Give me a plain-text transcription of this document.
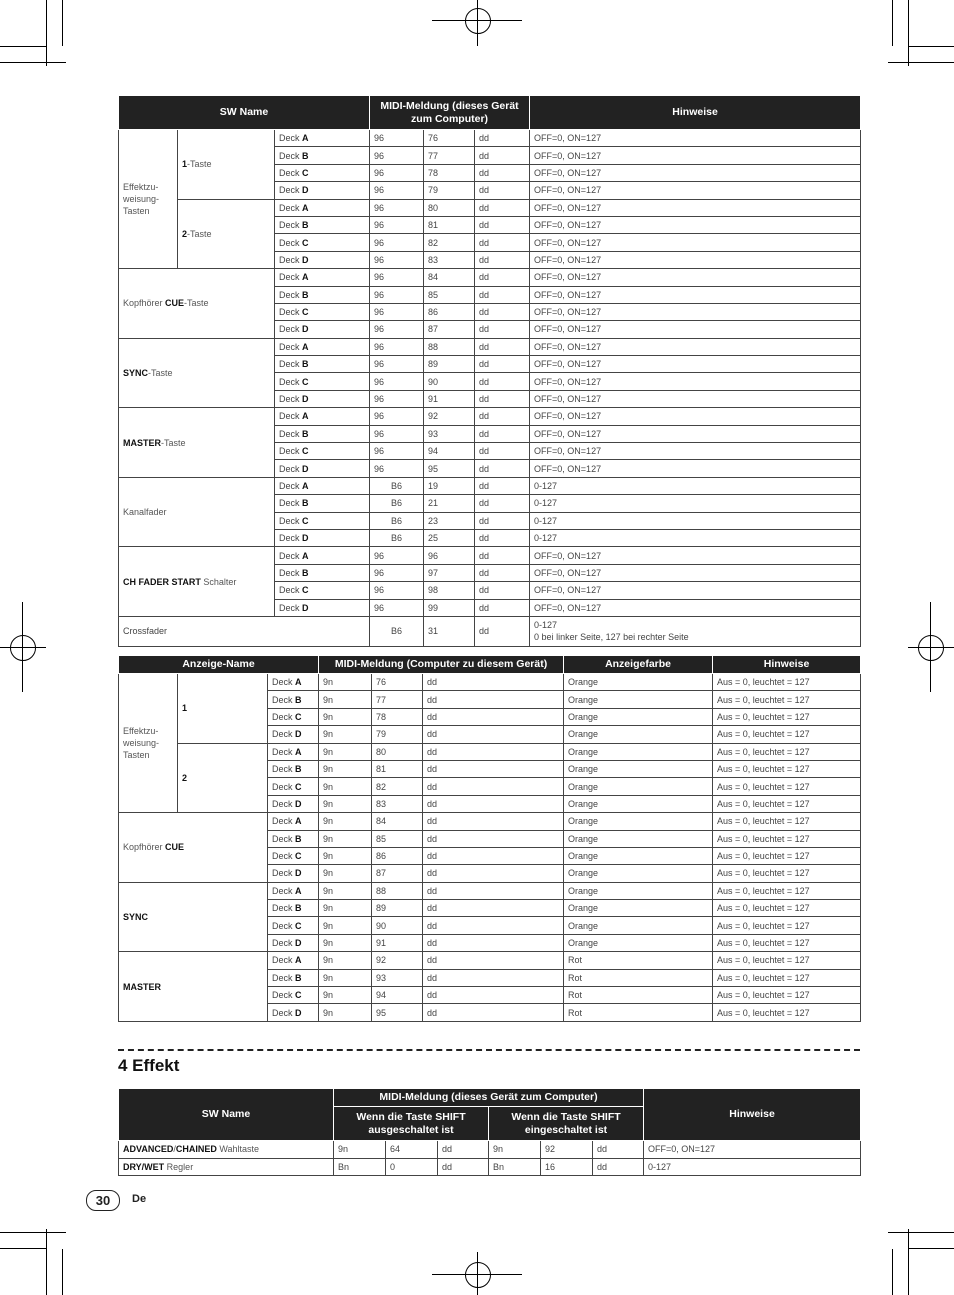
SW Name			MIDI-Meldung (dieses Gerät zum Computer)			Hinweise
Effektzu-weisung-Tasten	1-Taste	Deck A	96	76	dd	OFF=0, ON=127
		Deck B	96	77	dd	OFF=0, ON=127
		Deck C	96	78	dd	OFF=0, ON=127
		Deck D	96	79	dd	OFF=0, ON=127
	2-Taste	Deck A	96	80	dd	OFF=0, ON=127
		Deck B	96	81	dd	OFF=0, ON=127
		Deck C	96	82	dd	OFF=0, ON=127
		Deck D	96	83	dd	OFF=0, ON=127
Kopfhörer CUE-Taste		Deck A	96	84	dd	OFF=0, ON=127
		Deck B	96	85	dd	OFF=0, ON=127
		Deck C	96	86	dd	OFF=0, ON=127
		Deck D	96	87	dd	OFF=0, ON=127
SYNC-Taste		Deck A	96	88	dd	OFF=0, ON=127
		Deck B	96	89	dd	OFF=0, ON=127
		Deck C	96	90	dd	OFF=0, ON=127
		Deck D	96	91	dd	OFF=0, ON=127
MASTER-Taste		Deck A	96	92	dd	OFF=0, ON=127
		Deck B	96	93	dd	OFF=0, ON=127
		Deck C	96	94	dd	OFF=0, ON=127
		Deck D	96	95	dd	OFF=0, ON=127
Kanalfader		Deck A	B6	19	dd	0-127
		Deck B	B6	21	dd	0-127
		Deck C	B6	23	dd	0-127
		Deck D	B6	25	dd	0-127
CH FADER START Schalter		Deck A	96	96	dd	OFF=0, ON=127
		Deck B	96	97	dd	OFF=0, ON=127
		Deck C	96	98	dd	OFF=0, ON=127
		Deck D	96	99	dd	OFF=0, ON=127
Crossfader			B6	31	dd	0-127
0 bei linker Seite, 127 bei rechter Seite
Anzeige-Name			MIDI-Meldung (Computer zu diesem Gerät)			Anzeigefarbe	Hinweise
Effektzu-weisung-Tasten	1	Deck A	9n	76	dd	Orange	Aus = 0, leuchtet = 127
		Deck B	9n	77	dd	Orange	Aus = 0, leuchtet = 127
		Deck C	9n	78	dd	Orange	Aus = 0, leuchtet = 127
		Deck D	9n	79	dd	Orange	Aus = 0, leuchtet = 127
	2	Deck A	9n	80	dd	Orange	Aus = 0, leuchtet = 127
		Deck B	9n	81	dd	Orange	Aus = 0, leuchtet = 127
		Deck C	9n	82	dd	Orange	Aus = 0, leuchtet = 127
		Deck D	9n	83	dd	Orange	Aus = 0, leuchtet = 127
Kopfhörer CUE		Deck A	9n	84	dd	Orange	Aus = 0, leuchtet = 127
		Deck B	9n	85	dd	Orange	Aus = 0, leuchtet = 127
		Deck C	9n	86	dd	Orange	Aus = 0, leuchtet = 127
		Deck D	9n	87	dd	Orange	Aus = 0, leuchtet = 127
SYNC		Deck A	9n	88	dd	Orange	Aus = 0, leuchtet = 127
		Deck B	9n	89	dd	Orange	Aus = 0, leuchtet = 127
		Deck C	9n	90	dd	Orange	Aus = 0, leuchtet = 127
		Deck D	9n	91	dd	Orange	Aus = 0, leuchtet = 127
MASTER		Deck A	9n	92	dd	Rot	Aus = 0, leuchtet = 127
		Deck B	9n	93	dd	Rot	Aus = 0, leuchtet = 127
		Deck C	9n	94	dd	Rot	Aus = 0, leuchtet = 127
		Deck D	9n	95	dd	Rot	Aus = 0, leuchtet = 127
4 Effekt
SW Name	MIDI-Meldung (dieses Gerät zum Computer)						Hinweise
	Wenn die Taste SHIFT ausgeschaltet ist			Wenn die Taste SHIFT eingeschaltet ist			
ADVANCED/CHAINED Wahltaste	9n	64	dd	9n	92	dd	OFF=0, ON=127
DRY/WET Regler	Bn	0	dd	Bn	16	dd	0-127
30	De
